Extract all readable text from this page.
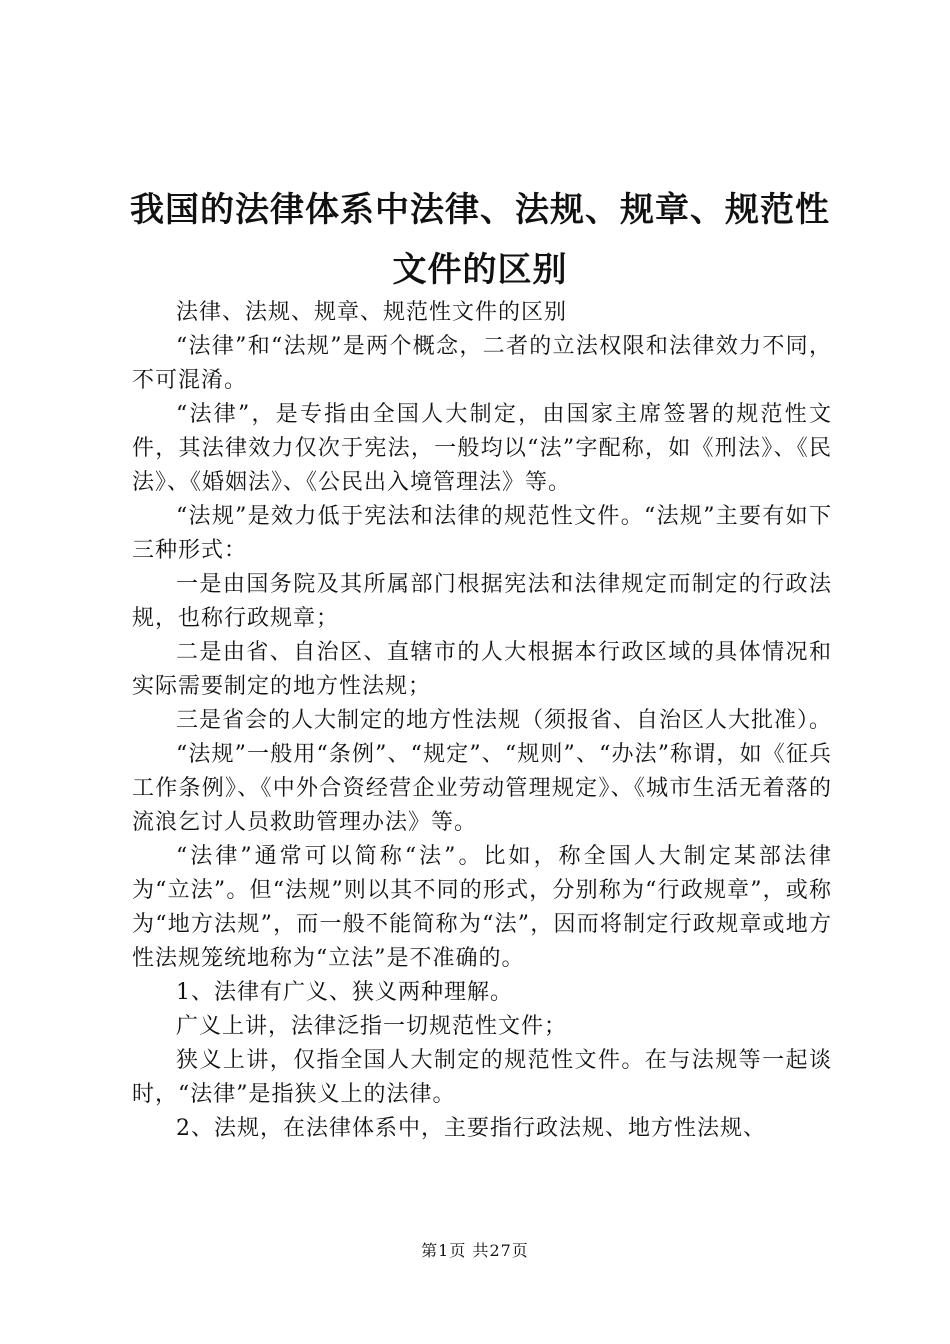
我国的法律体系中法律、法规、规章、规范性
文件的区别

法律、法规、规章、规范性文件的区别

“法律”和“法规”是两个概念，二者的立法权限和法律效力不同，不可混淆。

“法律”，是专指由全国人大制定，由国家主席签署的规范性文件，其法律效力仅次于宪法，一般均以“法”字配称，如《刑法》、《民法》、《婚姻法》、《公民出入境管理法》等。

“法规”是效力低于宪法和法律的规范性文件。“法规”主要有如下三种形式：

一是由国务院及其所属部门根据宪法和法律规定而制定的行政法规，也称行政规章；

二是由省、自治区、直辖市的人大根据本行政区域的具体情况和实际需要制定的地方性法规；

三是省会的人大制定的地方性法规（须报省、自治区人大批准）。

“法规”一般用“条例”、“规定”、“规则”、“办法”称谓，如《征兵工作条例》、《中外合资经营企业劳动管理规定》、《城市生活无着落的流浪乞讨人员救助管理办法》等。

“法律”通常可以简称“法”。比如，称全国人大制定某部法律为“立法”。但“法规”则以其不同的形式，分别称为“行政规章”，或称为“地方法规”，而一般不能简称为“法”，因而将制定行政规章或地方性法规笼统地称为“立法”是不准确的。

1、法律有广义、狭义两种理解。

广义上讲，法律泛指一切规范性文件；

狭义上讲，仅指全国人大制定的规范性文件。在与法规等一起谈时，“法律”是指狭义上的法律。

2、法规，在法律体系中，主要指行政法规、地方性法规、

第1页 共27页
